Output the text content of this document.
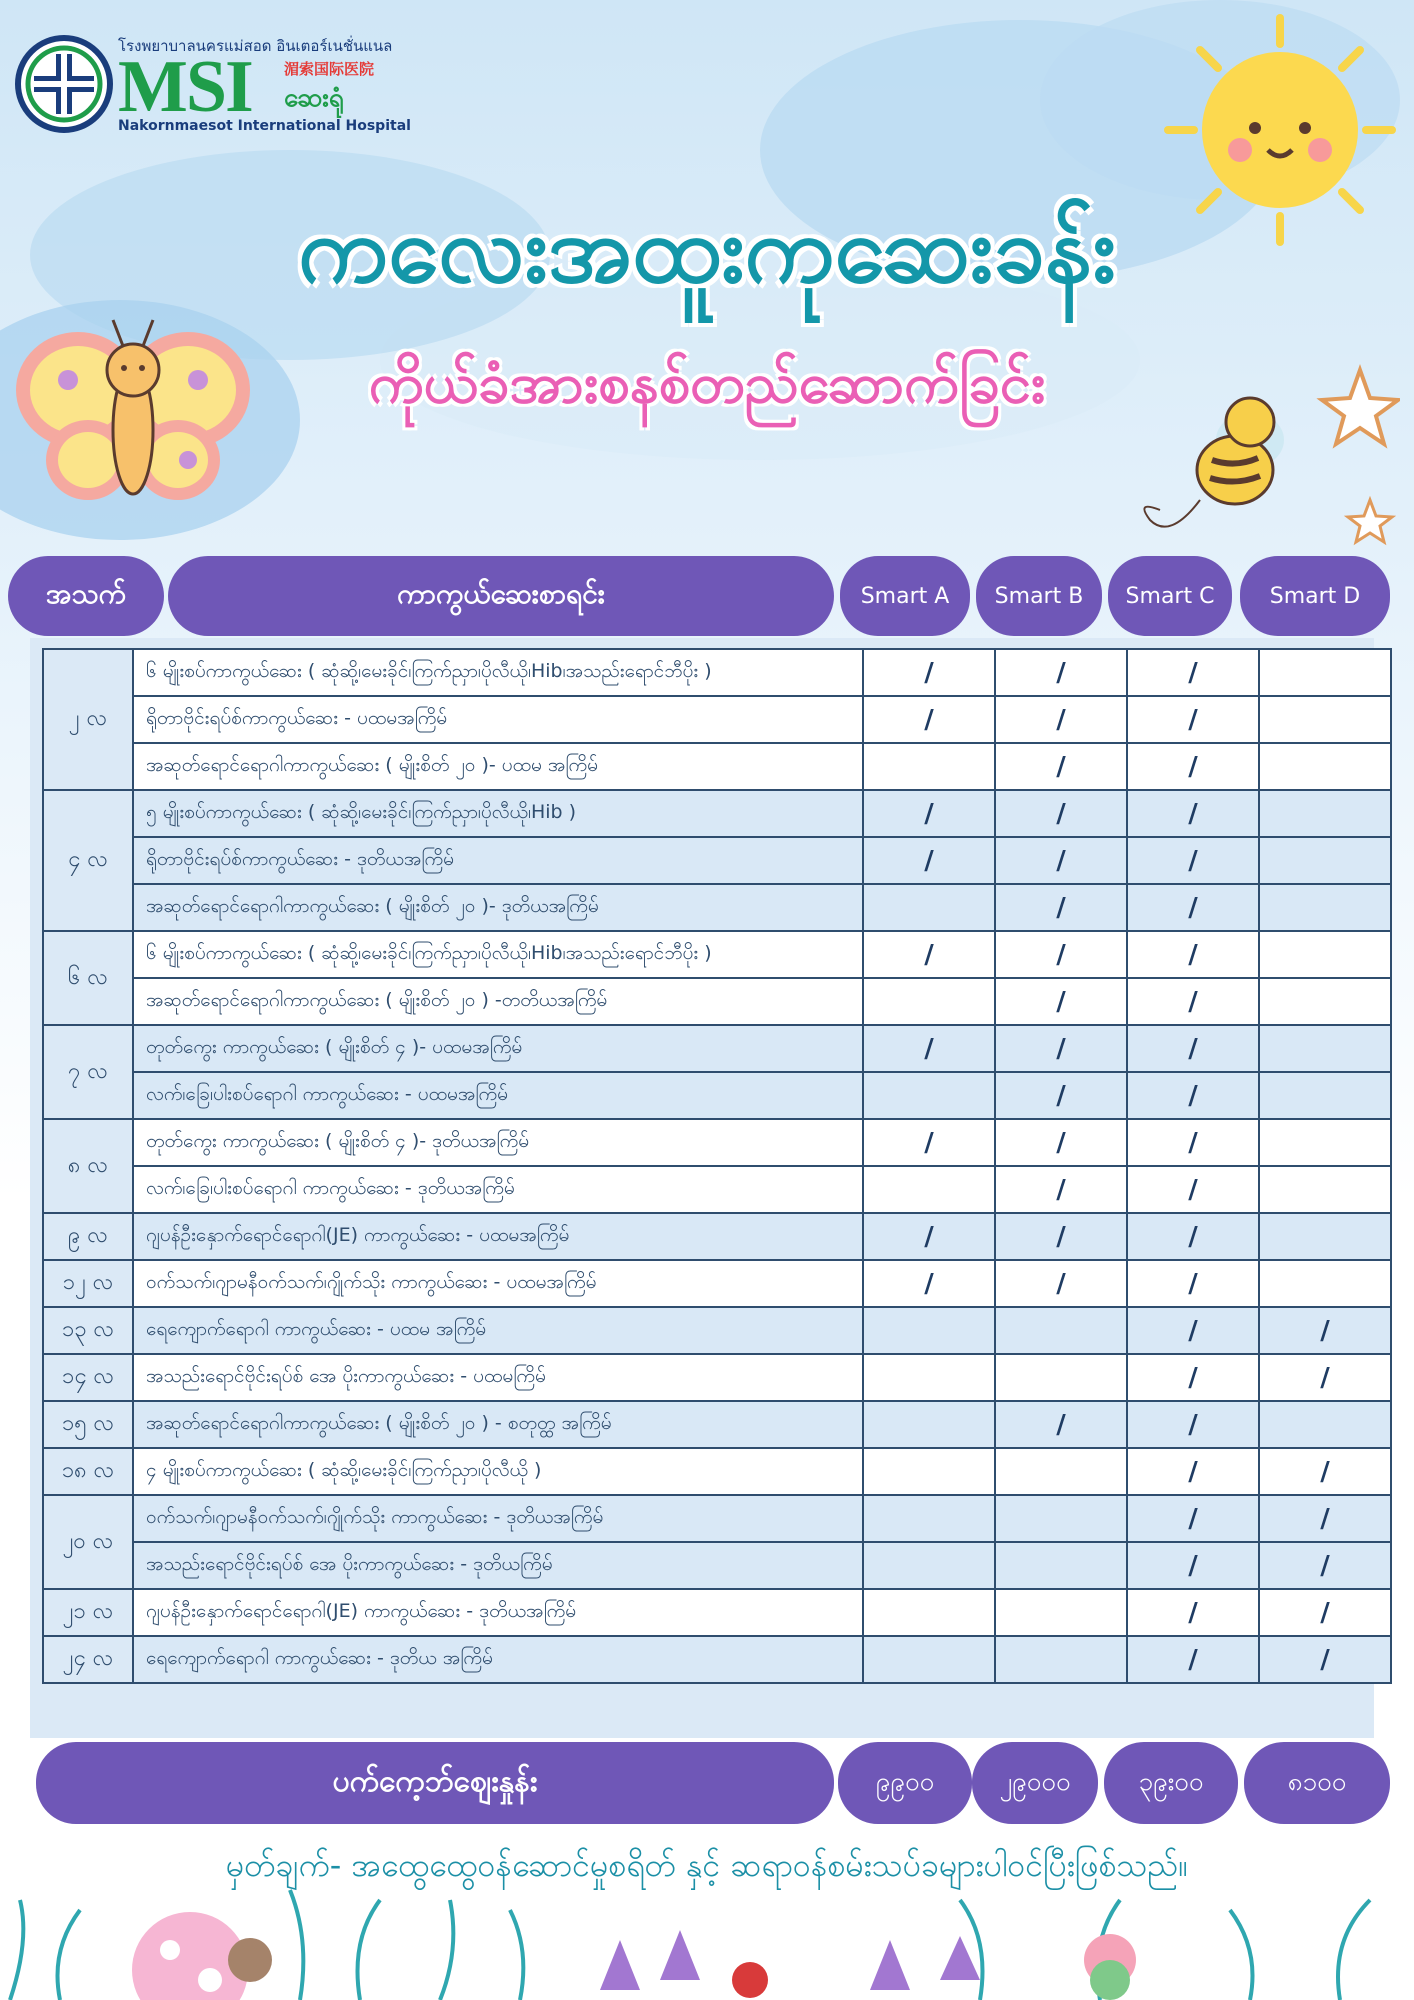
โรงพยาบาลนครแม่สอด อินเตอร์เนชั่นแนล
MSI 湄索国际医院
ဆေးရုံ
Nakornmaesot International Hospital
ကလေးအထူးကုဆေးခန်း
ကိုယ်ခံအားစနစ်တည်ဆောက်ခြင်း
အသက်	ကာကွယ်ဆေးစာရင်း	Smart A	Smart B	Smart C	Smart D
၂ လ	၆ မျိုးစပ်ကာကွယ်ဆေး ( ဆုံဆို့၊မေးခိုင်၊ကြက်ညှာ၊ပိုလီယို၊Hib၊အသည်းရောင်ဘီပိုး )	/	/	/	
	ရိုတာဗိုင်းရပ်စ်ကာကွယ်ဆေး - ပထမအကြိမ်	/	/	/	
	အဆုတ်ရောင်ရောဂါကာကွယ်ဆေး ( မျိုးစိတ် ၂၀ )- ပထမ အကြိမ်		/	/	
၄ လ	၅ မျိုးစပ်ကာကွယ်ဆေး ( ဆုံဆို့၊မေးခိုင်၊ကြက်ညှာ၊ပိုလီယို၊Hib )	/	/	/	
	ရိုတာဗိုင်းရပ်စ်ကာကွယ်ဆေး - ဒုတိယအကြိမ်	/	/	/	
	အဆုတ်ရောင်ရောဂါကာကွယ်ဆေး ( မျိုးစိတ် ၂၀ )- ဒုတိယအကြိမ်		/	/	
၆ လ	၆ မျိုးစပ်ကာကွယ်ဆေး ( ဆုံဆို့၊မေးခိုင်၊ကြက်ညှာ၊ပိုလီယို၊Hib၊အသည်းရောင်ဘီပိုး )	/	/	/	
	အဆုတ်ရောင်ရောဂါကာကွယ်ဆေး ( မျိုးစိတ် ၂၀ ) -တတိယအကြိမ်		/	/	
၇ လ	တုတ်ကွေး ကာကွယ်ဆေး ( မျိုးစိတ် ၄ )- ပထမအကြိမ်	/	/	/	
	လက်၊ခြေ၊ပါးစပ်ရောဂါ ကာကွယ်ဆေး - ပထမအကြိမ်		/	/	
၈ လ	တုတ်ကွေး ကာကွယ်ဆေး ( မျိုးစိတ် ၄ )- ဒုတိယအကြိမ်	/	/	/	
	လက်၊ခြေ၊ပါးစပ်ရောဂါ ကာကွယ်ဆေး - ဒုတိယအကြိမ်		/	/	
၉ လ	ဂျပန်ဦးနှောက်ရောင်ရောဂါ(JE) ကာကွယ်ဆေး - ပထမအကြိမ်	/	/	/	
၁၂ လ	ဝက်သက်၊ဂျာမနီဝက်သက်၊ဂျိုက်သိုး ကာကွယ်ဆေး - ပထမအကြိမ်	/	/	/	
၁၃ လ	ရေကျောက်ရောဂါ ကာကွယ်ဆေး - ပထမ အကြိမ်			/	/
၁၄ လ	အသည်းရောင်ဗိုင်းရပ်စ် အေ ပိုးကာကွယ်ဆေး - ပထမကြိမ်			/	/
၁၅ လ	အဆုတ်ရောင်ရောဂါကာကွယ်ဆေး ( မျိုးစိတ် ၂၀ ) - စတုတ္ထ အကြိမ်		/	/	
၁၈ လ	၄ မျိုးစပ်ကာကွယ်ဆေး ( ဆုံဆို့၊မေးခိုင်၊ကြက်ညှာ၊ပိုလီယို )			/	/
၂၀ လ	ဝက်သက်၊ဂျာမနီဝက်သက်၊ဂျိုက်သိုး ကာကွယ်ဆေး - ဒုတိယအကြိမ်			/	/
	အသည်းရောင်ဗိုင်းရပ်စ် အေ ပိုးကာကွယ်ဆေး - ဒုတိယကြိမ်			/	/
၂၁ လ	ဂျပန်ဦးနှောက်ရောင်ရောဂါ(JE) ကာကွယ်ဆေး - ဒုတိယအကြိမ်			/	/
၂၄ လ	ရေကျောက်ရောဂါ ကာကွယ်ဆေး - ဒုတိယ အကြိမ်			/	/
ပက်ကေ့ဘ်ဈေးနှုန်း	၉၉၀၀	၂၉၀၀၀	၃၉း၀၀	၈၁၀၀
မှတ်ချက်- အထွေထွေဝန်ဆောင်မှုစရိတ် နှင့် ဆရာဝန်စမ်းသပ်ခများပါဝင်ပြီးဖြစ်သည်။
